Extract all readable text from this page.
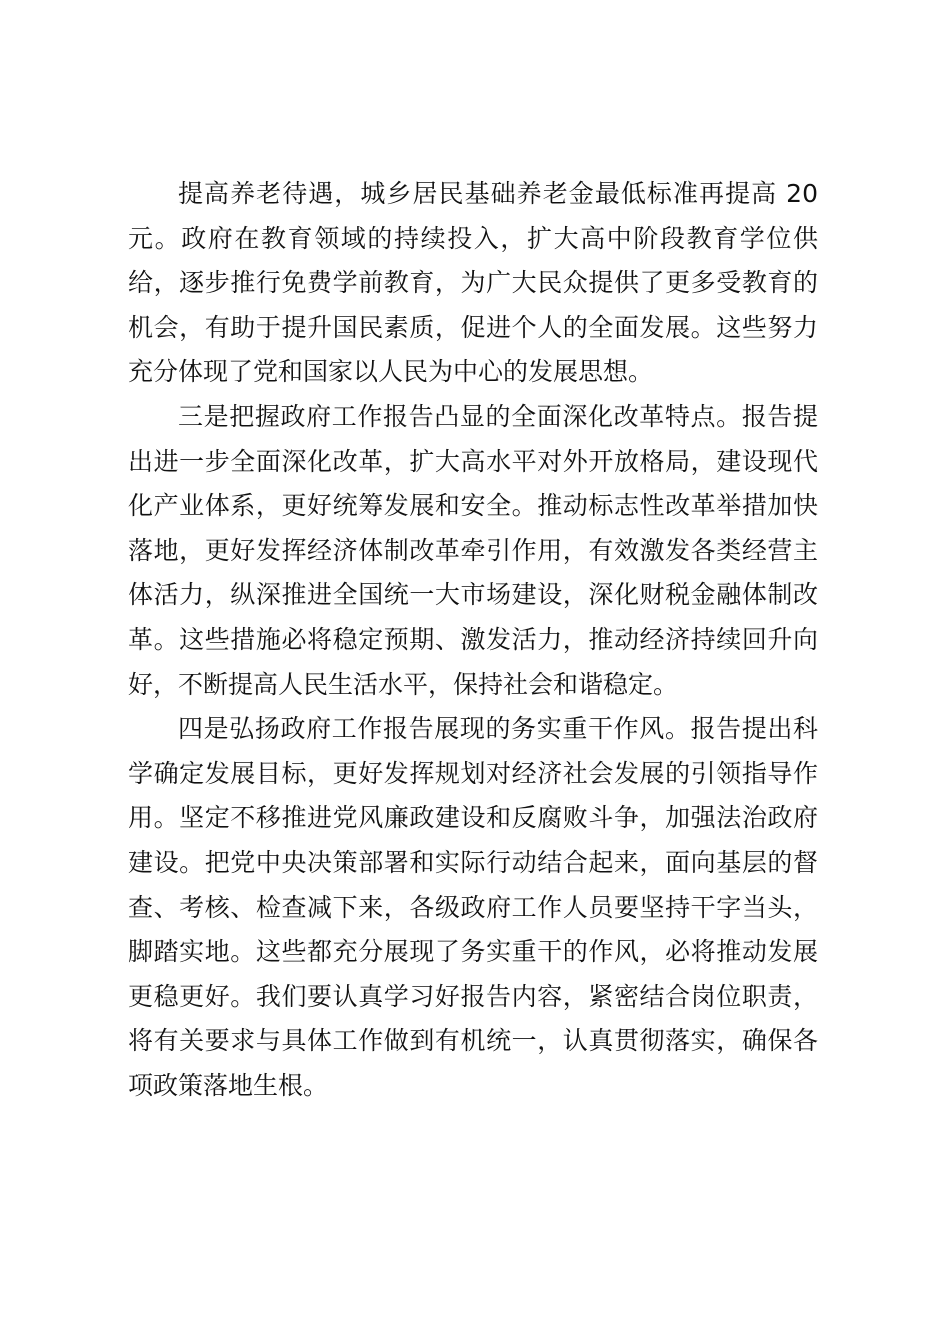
提高养老待遇，城乡居民基础养老金最低标准再提高 20
元。政府在教育领域的持续投入，扩大高中阶段教育学位供
给，逐步推行免费学前教育，为广大民众提供了更多受教育的
机会，有助于提升国民素质，促进个人的全面发展。这些努力
充分体现了党和国家以人民为中心的发展思想。
三是把握政府工作报告凸显的全面深化改革特点。报告提
出进一步全面深化改革，扩大高水平对外开放格局，建设现代
化产业体系，更好统筹发展和安全。推动标志性改革举措加快
落地，更好发挥经济体制改革牵引作用，有效激发各类经营主
体活力，纵深推进全国统一大市场建设，深化财税金融体制改
革。这些措施必将稳定预期、激发活力，推动经济持续回升向
好，不断提高人民生活水平，保持社会和谐稳定。
四是弘扬政府工作报告展现的务实重干作风。报告提出科
学确定发展目标，更好发挥规划对经济社会发展的引领指导作
用。坚定不移推进党风廉政建设和反腐败斗争，加强法治政府
建设。把党中央决策部署和实际行动结合起来，面向基层的督
查、考核、检查减下来，各级政府工作人员要坚持干字当头，
脚踏实地。这些都充分展现了务实重干的作风，必将推动发展
更稳更好。我们要认真学习好报告内容，紧密结合岗位职责，
将有关要求与具体工作做到有机统一，认真贯彻落实，确保各
项政策落地生根。
